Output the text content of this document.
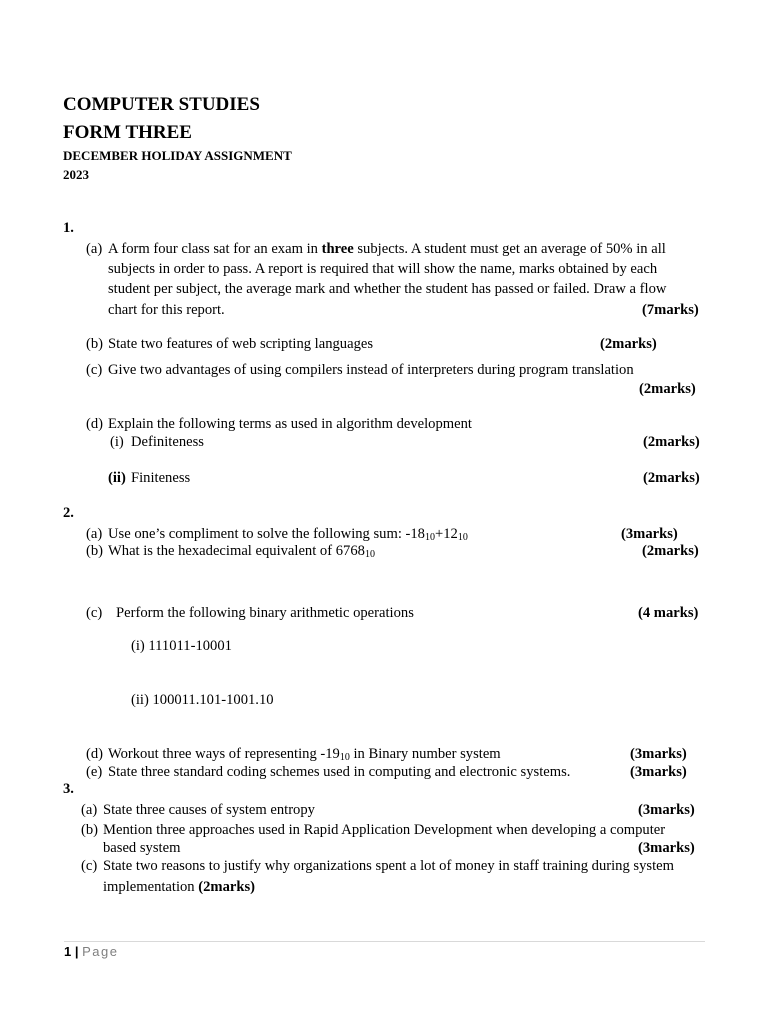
COMPUTER STUDIES
FORM THREE
DECEMBER HOLIDAY ASSIGNMENT
2023
1.
(a) A form four class sat for an exam in three subjects. A student must get an average of 50% in all
subjects in order to pass. A report is required that will show the name, marks obtained by each
student per subject, the average mark and whether the student has passed or failed. Draw a flow
chart for this report.	(7marks)
(b) State two features of web scripting languages	(2marks)
(c) Give two advantages of using compilers instead of interpreters during program translation
(2marks)
(d) Explain the following terms as used in algorithm development
(i) Definiteness	(2marks)
(ii) Finiteness	(2marks)
2.
(a) Use one’s compliment to solve the following sum: $-18_{10}+12_{10}$	(3marks)
(b) What is the hexadecimal equivalent of $6768_{10}$	(2marks)
(c) Perform the following binary arithmetic operations	(4 marks)
(i) 111011-10001
(ii) 100011.101-1001.10
(d) Workout three ways of representing $-19_{10}$ in Binary number system	(3marks)
(e) State three standard coding schemes used in computing and electronic systems.	(3marks)
3.
(a) State three causes of system entropy	(3marks)
(b) Mention three approaches used in Rapid Application Development when developing a computer
based system	(3marks)
(c) State two reasons to justify why organizations spent a lot of money in staff training during system
implementation (2marks)
1 | Page
